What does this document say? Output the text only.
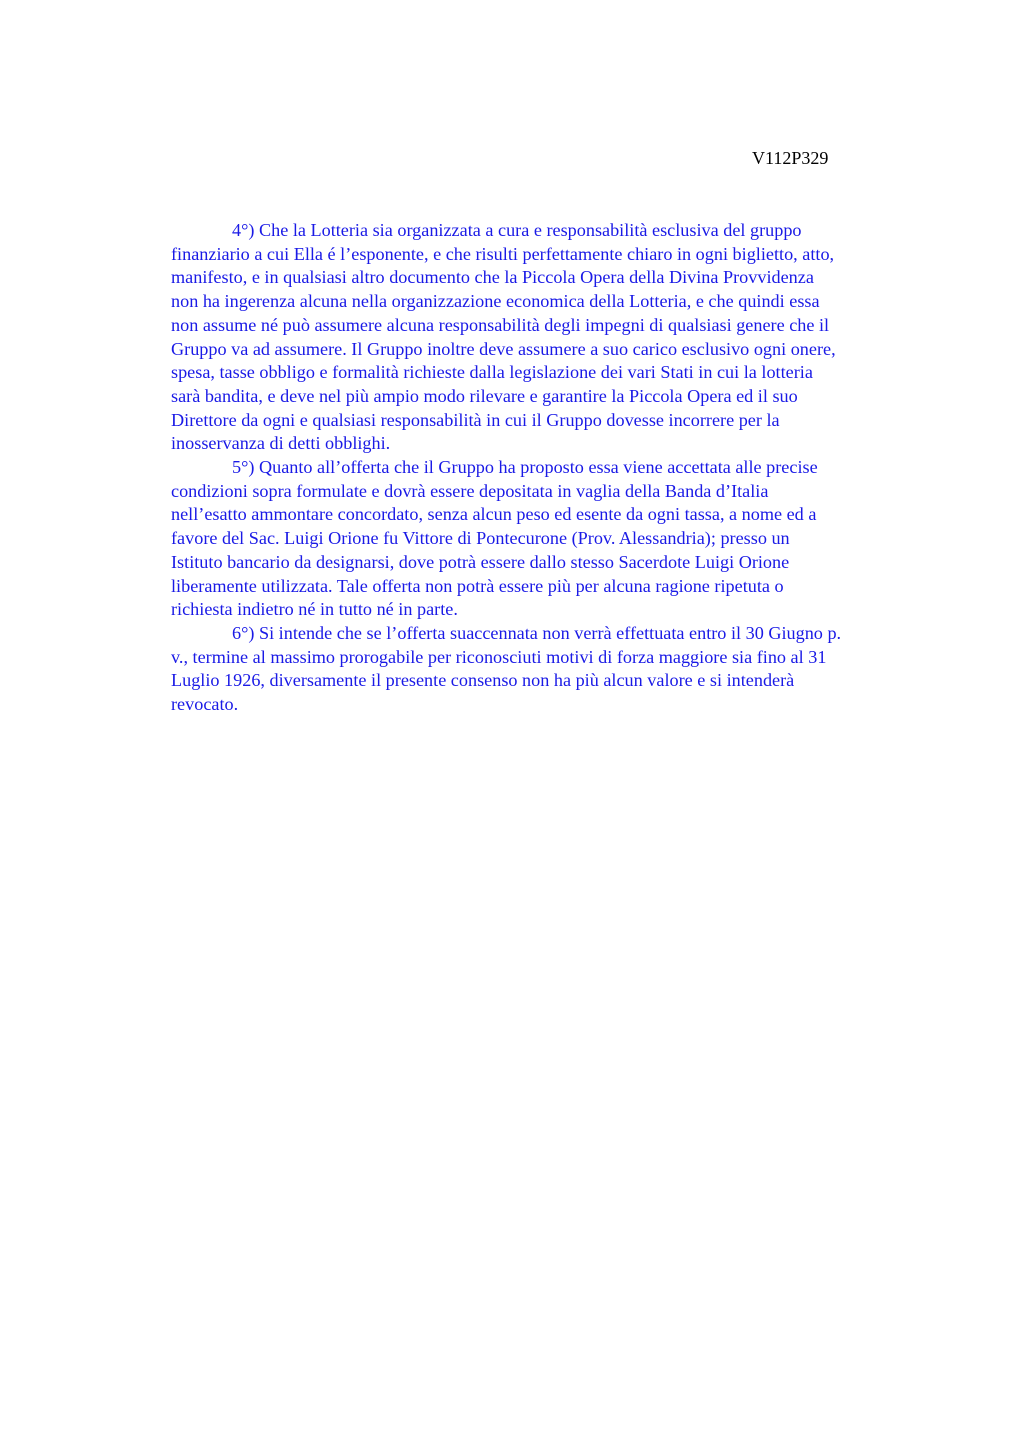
V112P329

4°) Che la Lotteria sia organizzata a cura e responsabilità esclusiva del gruppo
finanziario a cui Ella é l’esponente, e che risulti perfettamente chiaro in ogni biglietto, atto,
manifesto, e in qualsiasi altro documento che la Piccola Opera della Divina Provvidenza
non ha ingerenza alcuna nella organizzazione economica della Lotteria, e che quindi essa
non assume né può assumere alcuna responsabilità degli impegni di qualsiasi genere che il
Gruppo va ad assumere. Il Gruppo inoltre deve assumere a suo carico esclusivo ogni onere,
spesa, tasse obbligo e formalità richieste dalla legislazione dei vari Stati in cui la lotteria
sarà bandita, e deve nel più ampio modo rilevare e garantire la Piccola Opera ed il suo
Direttore da ogni e qualsiasi responsabilità in cui il Gruppo dovesse incorrere per la
inosservanza di detti obblighi.

5°) Quanto all’offerta che il Gruppo ha proposto essa viene accettata alle precise
condizioni sopra formulate e dovrà essere depositata in vaglia della Banda d’Italia
nell’esatto ammontare concordato, senza alcun peso ed esente da ogni tassa, a nome ed a
favore del Sac. Luigi Orione fu Vittore di Pontecurone (Prov. Alessandria); presso un
Istituto bancario da designarsi, dove potrà essere dallo stesso Sacerdote Luigi Orione
liberamente utilizzata. Tale offerta non potrà essere più per alcuna ragione ripetuta o
richiesta indietro né in tutto né in parte.

6°) Si intende che se l’offerta suaccennata non verrà effettuata entro il 30 Giugno p.
v., termine al massimo prorogabile per riconosciuti motivi di forza maggiore sia fino al 31
Luglio 1926, diversamente il presente consenso non ha più alcun valore e si intenderà
revocato.
